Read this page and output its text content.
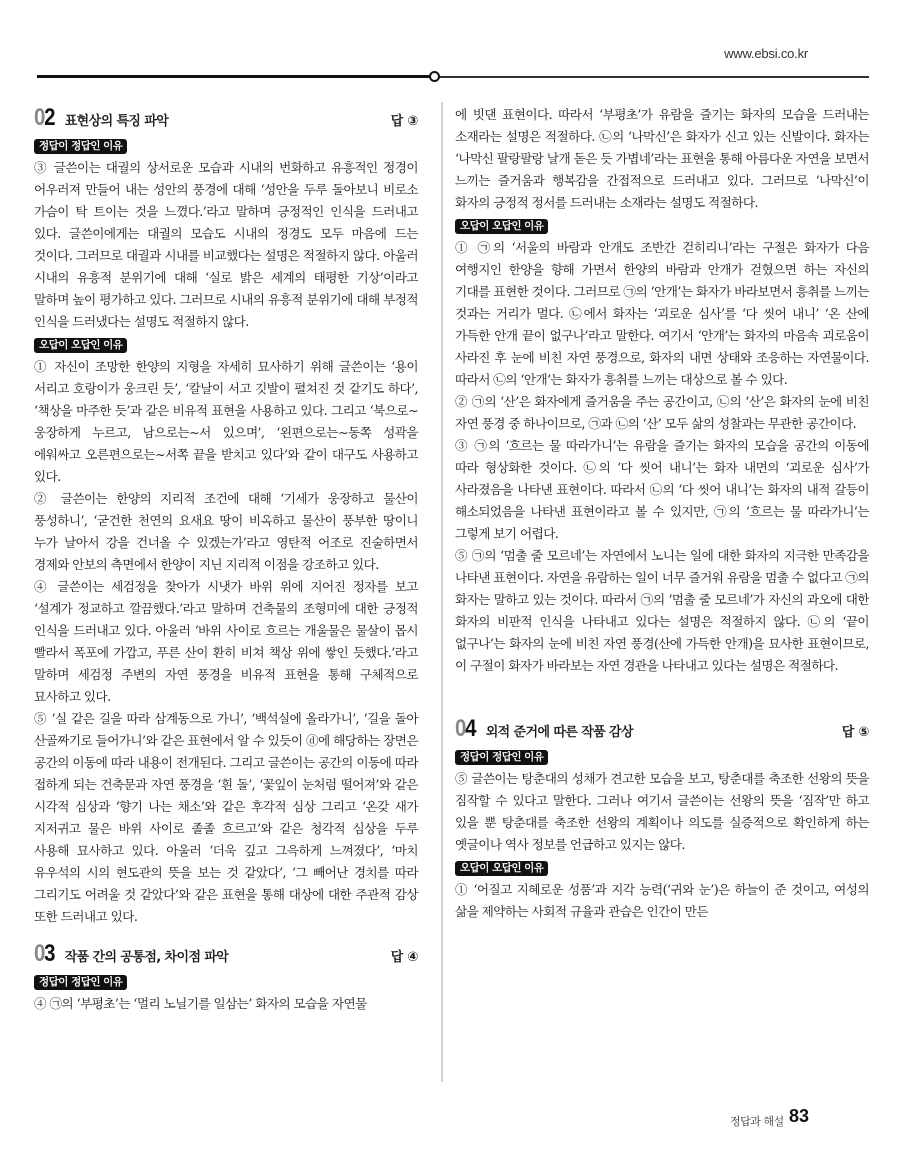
www.ebsi.co.kr
02 표현상의 특징 파악	답 ③
정답이 정답인 이유

③ 글쓴이는 대궐의 상서로운 모습과 시내의 번화하고 유흥적인 정경이 어우러져 만들어 내는 성안의 풍경에 대해 ‘성안을 두루 돌아보니 비로소 가슴이 탁 트이는 것을 느꼈다.’라고 말하며 긍정적인 인식을 드러내고 있다. 글쓴이에게는 대궐의 모습도 시내의 정경도 모두 마음에 드는 것이다. 그러므로 대궐과 시내를 비교했다는 설명은 적절하지 않다. 아울러 시내의 유흥적 분위기에 대해 ‘실로 밝은 세계의 태평한 기상’이라고 말하며 높이 평가하고 있다. 그러므로 시내의 유흥적 분위기에 대해 부정적 인식을 드러냈다는 설명도 적절하지 않다.

오답이 오답인 이유

① 자신이 조망한 한양의 지형을 자세히 묘사하기 위해 글쓴이는 ‘용이 서리고 호랑이가 웅크린 듯’, ‘칼날이 서고 깃발이 펼쳐진 것 같기도 하다’, ‘책상을 마주한 듯’과 같은 비유적 표현을 사용하고 있다. 그리고 ‘북으로∼웅장하게 누르고, 남으로는∼서 있으며’, ‘왼편으로는∼동쪽 성곽을 에워싸고 오른편으로는∼서쪽 끝을 받치고 있다’와 같이 대구도 사용하고 있다.

② 글쓴이는 한양의 지리적 조건에 대해 ‘기세가 웅장하고 물산이 풍성하니’, ‘굳건한 천연의 요새요 땅이 비옥하고 물산이 풍부한 땅이니 누가 날아서 강을 건너올 수 있겠는가’라고 영탄적 어조로 진술하면서 경제와 안보의 측면에서 한양이 지닌 지리적 이점을 강조하고 있다.

④ 글쓴이는 세검정을 찾아가 시냇가 바위 위에 지어진 정자를 보고 ‘설계가 정교하고 깔끔했다.’라고 말하며 건축물의 조형미에 대한 긍정적 인식을 드러내고 있다. 아울러 ‘바위 사이로 흐르는 개울물은 물살이 몹시 빨라서 폭포에 가깝고, 푸른 산이 환히 비쳐 책상 위에 쌓인 듯했다.’라고 말하며 세검정 주변의 자연 풍경을 비유적 표현을 통해 구체적으로 묘사하고 있다.

⑤ ‘실 같은 길을 따라 삼계동으로 가니’, ‘백석실에 올라가니’, ‘길을 돌아 산골짜기로 들어가니’와 같은 표현에서 알 수 있듯이 ⓓ에 해당하는 장면은 공간의 이동에 따라 내용이 전개된다. 그리고 글쓴이는 공간의 이동에 따라 접하게 되는 건축문과 자연 풍경을 ‘흰 돌’, ‘꽃잎이 눈처럼 떨어져’와 같은 시각적 심상과 ‘향기 나는 채소’와 같은 후각적 심상 그리고 ‘온갖 새가 지저귀고 물은 바위 사이로 졸졸 흐르고’와 같은 청각적 심상을 두루 사용해 묘사하고 있다. 아울러 ‘더욱 깊고 그윽하게 느껴졌다’, ‘마치 유우석의 시의 현도관의 뜻을 보는 것 같았다’, ‘그 빼어난 경치를 따라 그리기도 어려울 것 같았다’와 같은 표현을 통해 대상에 대한 주관적 감상 또한 드러내고 있다.

03 작품 간의 공통점, 차이점 파악	답 ④
정답이 정답인 이유

④ ㉠의 ‘부평초’는 ‘멀리 노닐기를 일삼는’ 화자의 모습을 자연물

에 빗댄 표현이다. 따라서 ‘부평초’가 유람을 즐기는 화자의 모습을 드러내는 소재라는 설명은 적절하다. ㉡의 ‘나막신’은 화자가 신고 있는 신발이다. 화자는 ‘나막신 팔랑팔랑 날개 돋은 듯 가볍네’라는 표현을 통해 아름다운 자연을 보면서 느끼는 즐거움과 행복감을 간접적으로 드러내고 있다. 그러므로 ‘나막신’이 화자의 긍정적 정서를 드러내는 소재라는 설명도 적절하다.

오답이 오답인 이유

① ㉠의 ‘서울의 바람과 안개도 조반간 걷히리니’라는 구절은 화자가 다음 여행지인 한양을 향해 가면서 한양의 바람과 안개가 걷혔으면 하는 자신의 기대를 표현한 것이다. 그러므로 ㉠의 ‘안개’는 화자가 바라보면서 흥취를 느끼는 것과는 거리가 멀다. ㉡에서 화자는 ‘괴로운 심사’를 ‘다 씻어 내니’ ‘온 산에 가득한 안개 끝이 없구나’라고 말한다. 여기서 ‘안개’는 화자의 마음속 괴로움이 사라진 후 눈에 비친 자연 풍경으로, 화자의 내면 상태와 조응하는 자연물이다. 따라서 ㉡의 ‘안개’는 화자가 흥취를 느끼는 대상으로 볼 수 있다.

② ㉠의 ‘산’은 화자에게 즐거움을 주는 공간이고, ㉡의 ‘산’은 화자의 눈에 비친 자연 풍경 중 하나이므로, ㉠과 ㉡의 ‘산’ 모두 삶의 성찰과는 무관한 공간이다.

③ ㉠의 ‘흐르는 물 따라가니’는 유람을 즐기는 화자의 모습을 공간의 이동에 따라 형상화한 것이다. ㉡의 ‘다 씻어 내니’는 화자 내면의 ‘괴로운 심사’가 사라졌음을 나타낸 표현이다. 따라서 ㉡의 ‘다 씻어 내니’는 화자의 내적 갈등이 해소되었음을 나타낸 표현이라고 볼 수 있지만, ㉠의 ‘흐르는 물 따라가니’는 그렇게 보기 어렵다.

⑤ ㉠의 ‘멈출 줄 모르네’는 자연에서 노니는 일에 대한 화자의 지극한 만족감을 나타낸 표현이다. 자연을 유람하는 일이 너무 즐거워 유람을 멈출 수 없다고 ㉠의 화자는 말하고 있는 것이다. 따라서 ㉠의 ‘멈출 줄 모르네’가 자신의 과오에 대한 화자의 비판적 인식을 나타내고 있다는 설명은 적절하지 않다. ㉡의 ‘끝이 없구나’는 화자의 눈에 비친 자연 풍경(산에 가득한 안개)을 묘사한 표현이므로, 이 구절이 화자가 바라보는 자연 경관을 나타내고 있다는 설명은 적절하다.

04 외적 준거에 따른 작품 감상	답 ⑤
정답이 정답인 이유

⑤ 글쓴이는 탕춘대의 성채가 견고한 모습을 보고, 탕춘대를 축조한 선왕의 뜻을 짐작할 수 있다고 말한다. 그러나 여기서 글쓴이는 선왕의 뜻을 ‘짐작’만 하고 있을 뿐 탕춘대를 축조한 선왕의 계획이나 의도를 실증적으로 확인하게 하는 옛글이나 역사 정보를 언급하고 있지는 않다.

오답이 오답인 이유

① ‘어질고 지혜로운 성품’과 지각 능력(‘귀와 눈’)은 하늘이 준 것이고, 여성의 삶을 제약하는 사회적 규율과 관습은 인간이 만든

정답과 해설 83
